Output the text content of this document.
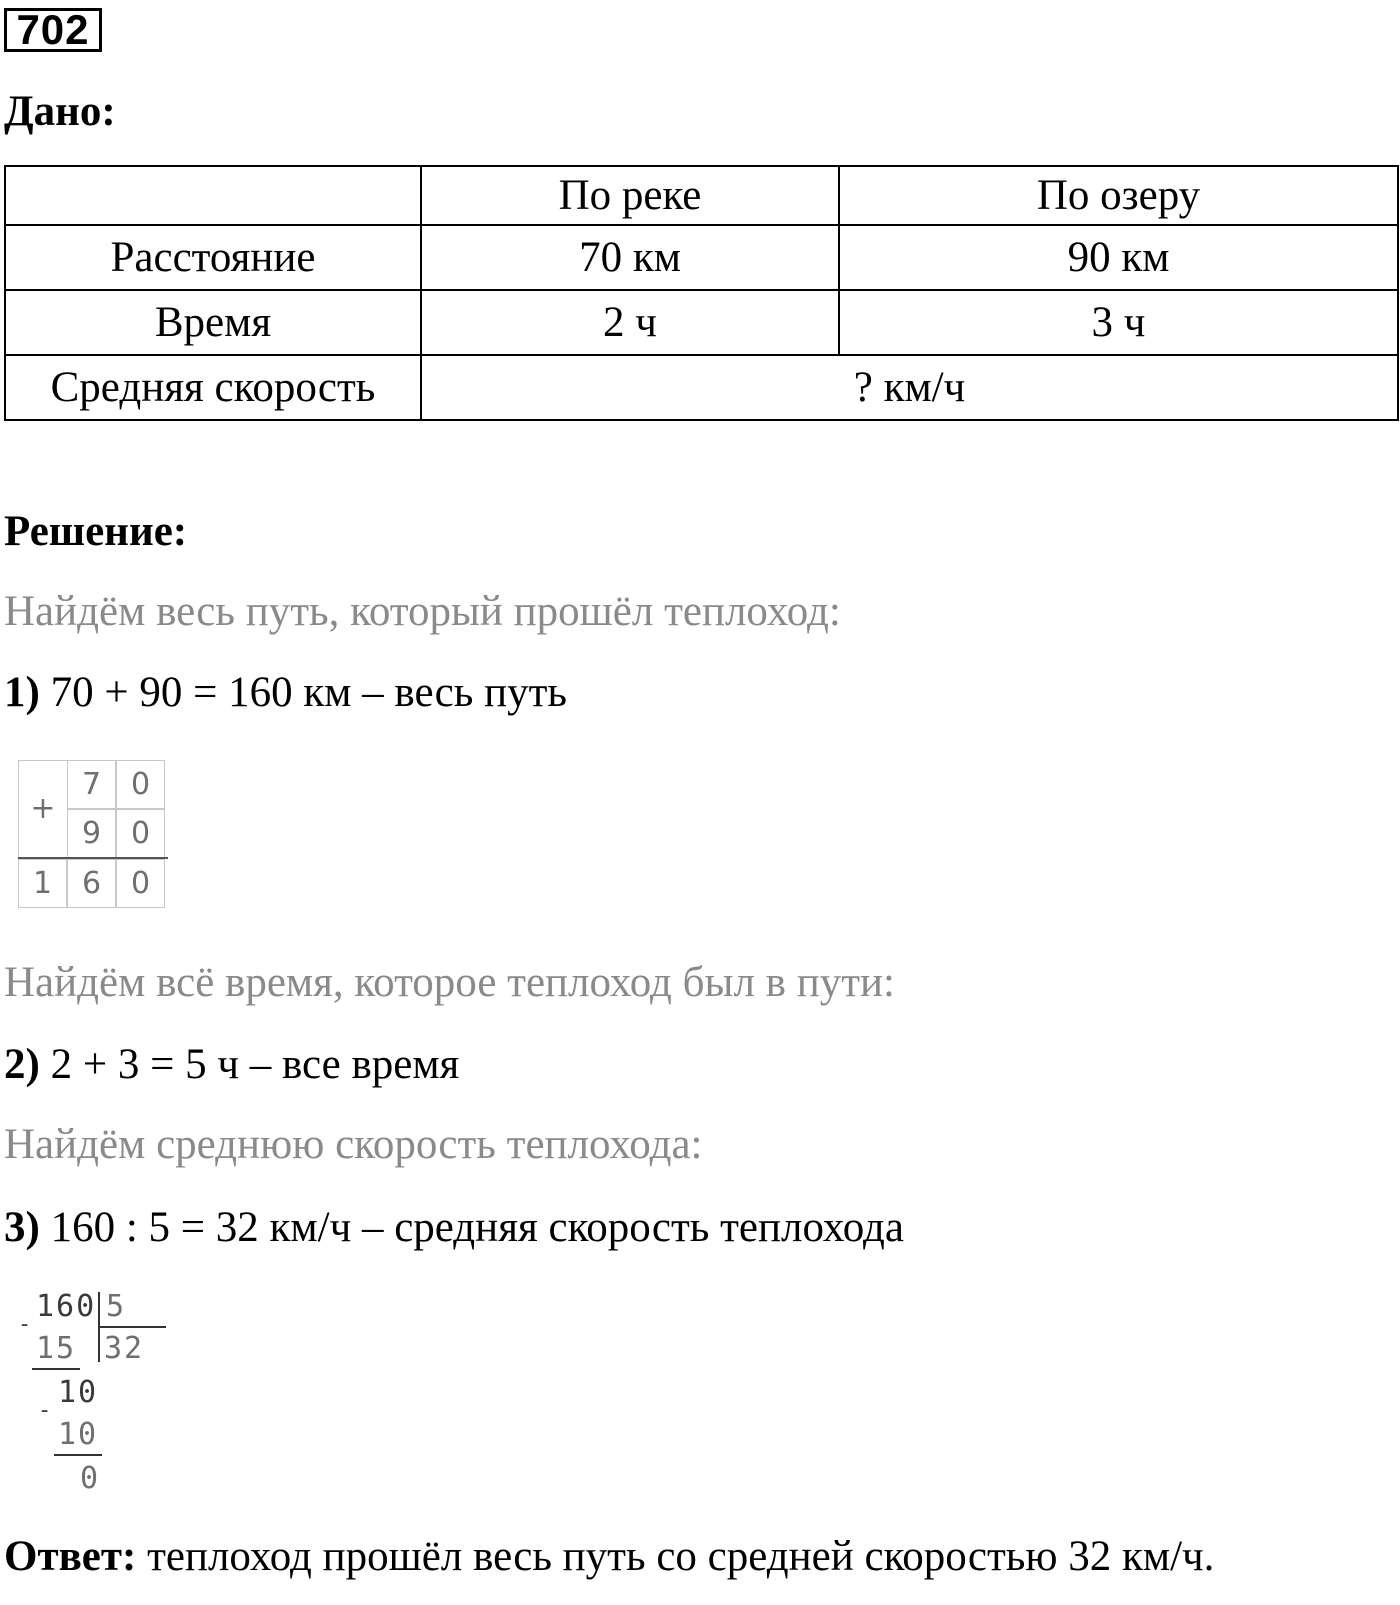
702
Дано:
	По реке	По озеру
Расстояние	70 км	90 км
Время	2 ч	3 ч
Средняя скорость	? км/ч	
Решение:
Найдём весь путь, который прошёл теплоход:
1) 70 + 90 = 160 км – весь путь
+
7 0
9 0
1 6 0
Найдём всё время, которое теплоход был в пути:
2) 2 + 3 = 5 ч – все время
Найдём среднюю скорость теплохода:
3) 160 : 5 = 32 км/ч – средняя скорость теплохода
160 5
-
15 32
10
-
10
0
Ответ: теплоход прошёл весь путь со средней скоростью 32 км/ч.
